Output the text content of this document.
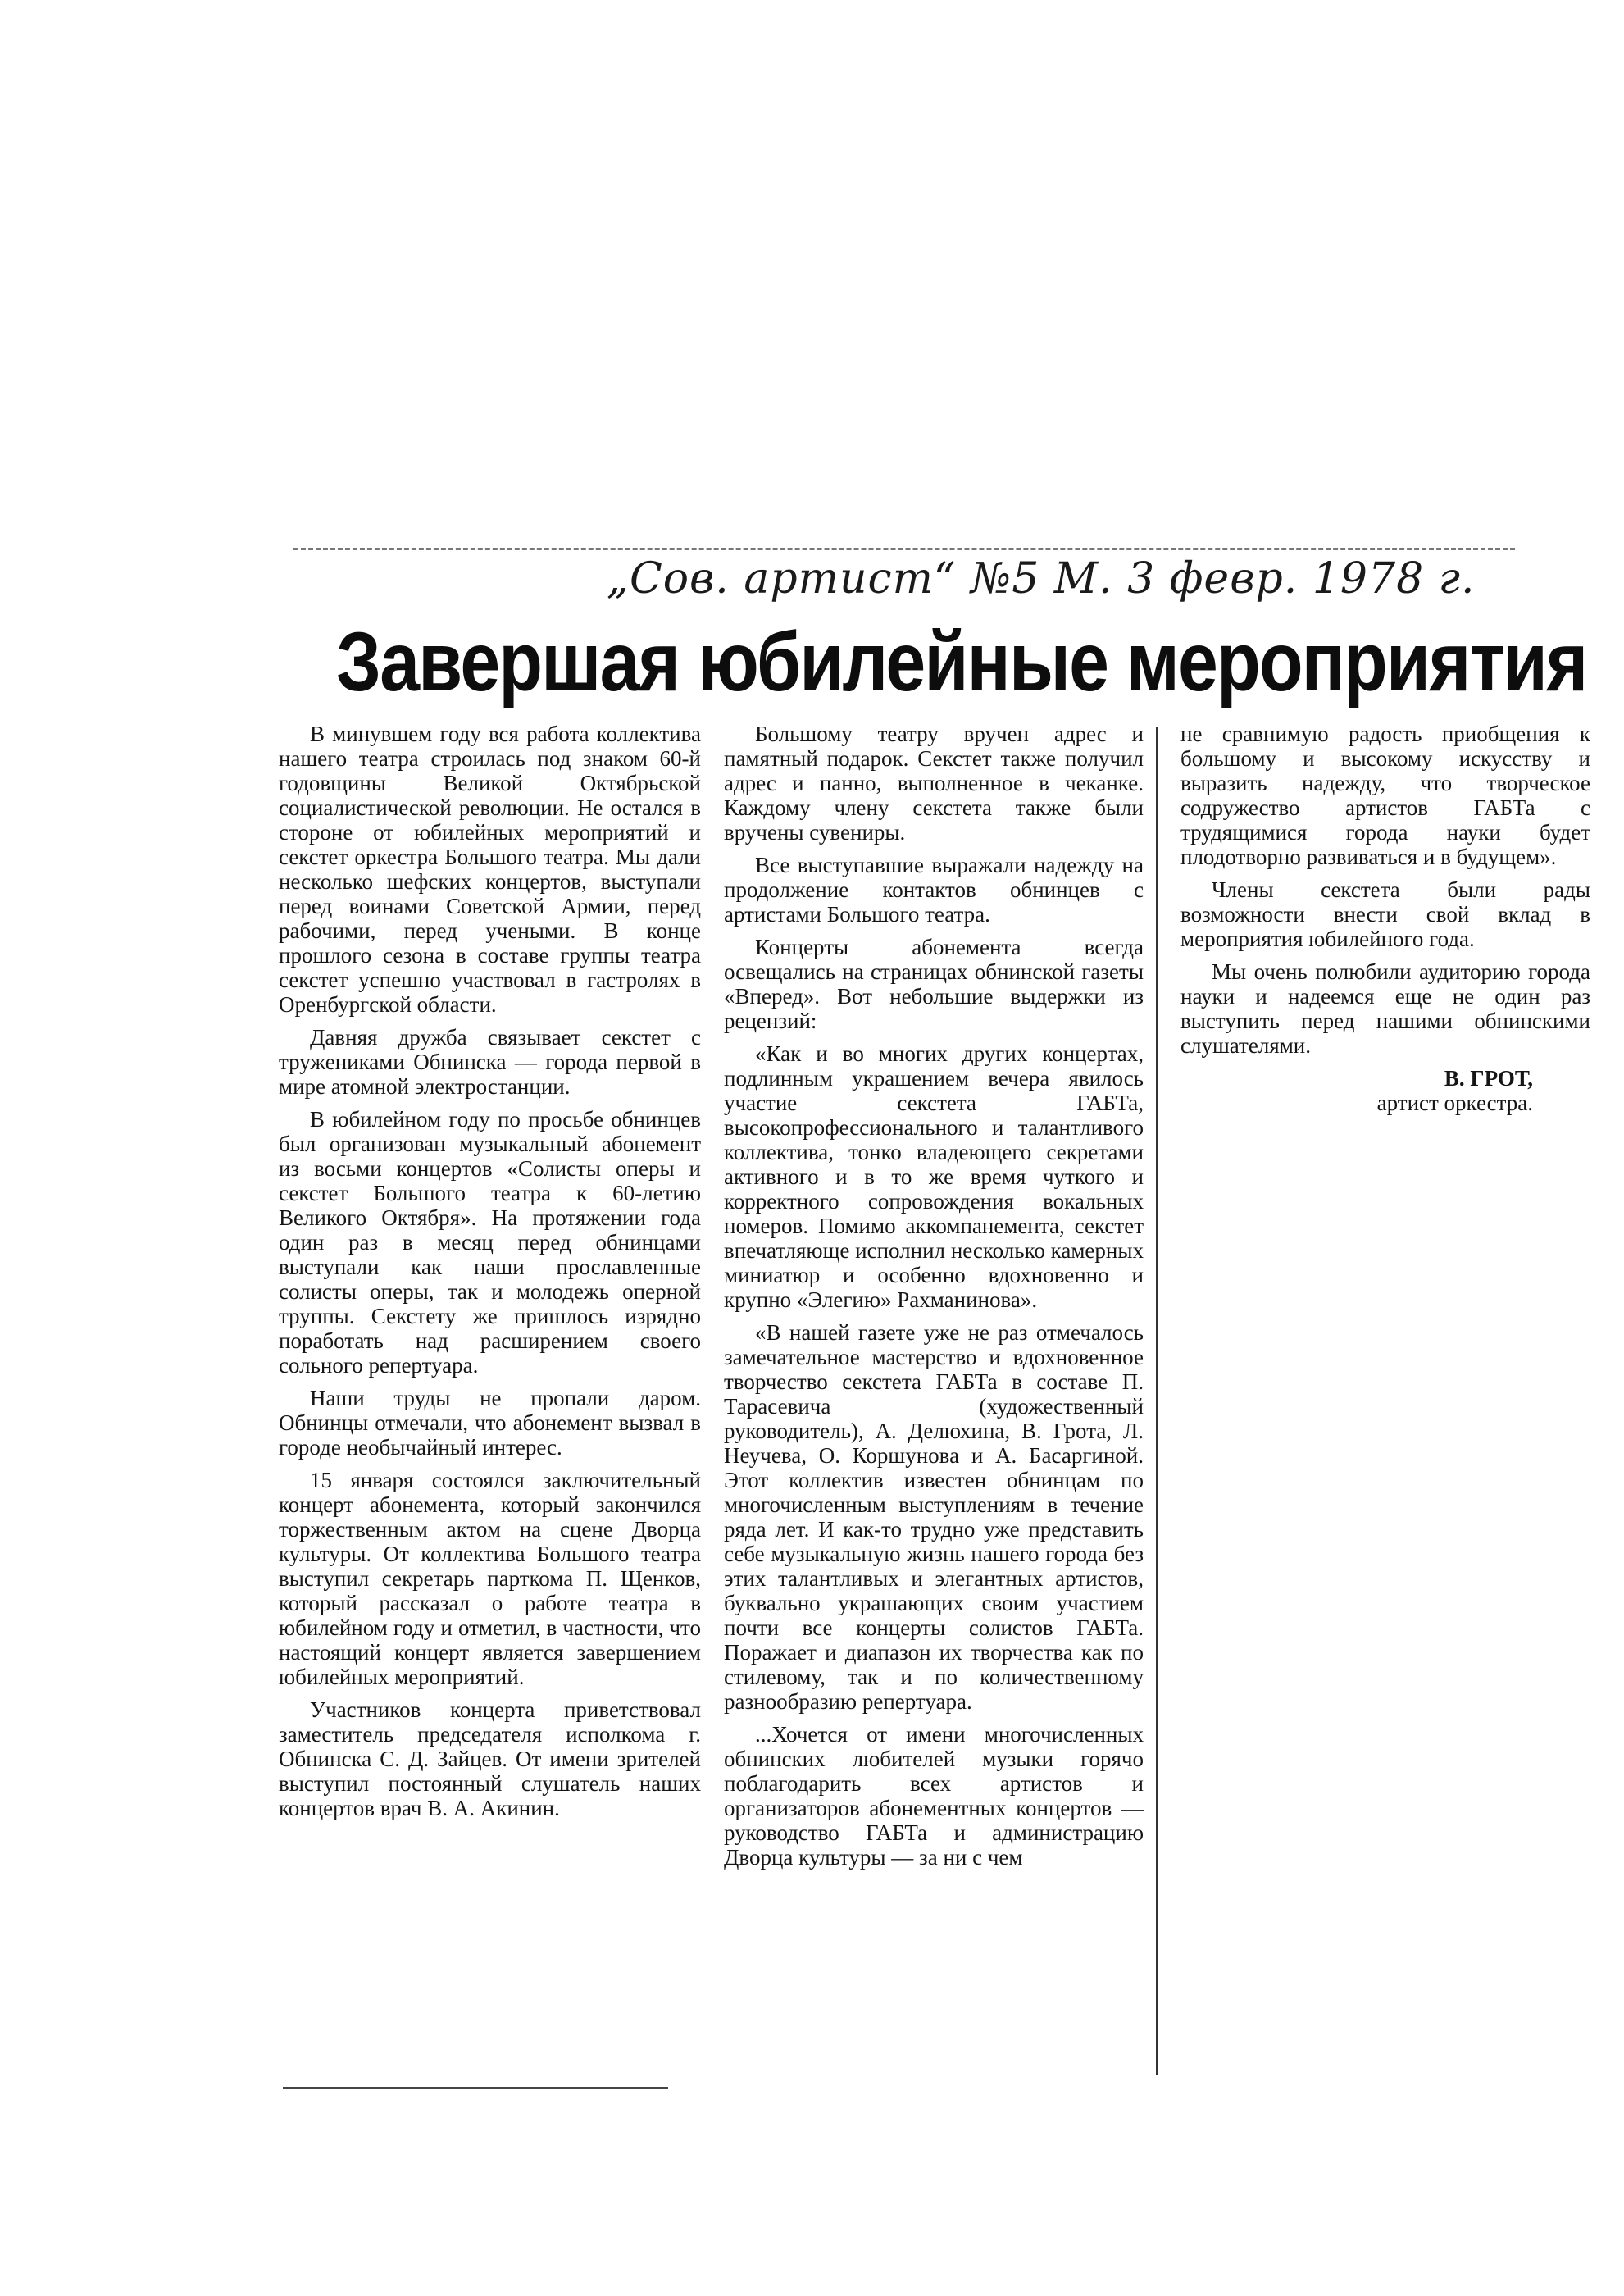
„Сов. артист“ №5 М. 3 февр. 1978 г.
Завершая юбилейные мероприятия

В минувшем году вся работа коллектива нашего театра строилась под знаком 60-й годовщины Великой Октябрьской социалистической революции. Не остался в стороне от юбилейных мероприятий и секстет оркестра Большого театра. Мы дали несколько шефских концертов, выступали перед воинами Советской Армии, перед рабочими, перед учеными. В конце прошлого сезона в составе группы театра секстет успешно участвовал в гастролях в Оренбургской области.

Давняя дружба связывает секстет с тружениками Обнинска — города первой в мире атомной электростанции.

В юбилейном году по просьбе обнинцев был организован музыкальный абонемент из восьми концертов «Солисты оперы и секстет Большого театра к 60-летию Великого Октября». На протяжении года один раз в месяц перед обнинцами выступали как наши прославленные солисты оперы, так и молодежь оперной труппы. Секстету же пришлось изрядно поработать над расширением своего сольного репертуара.

Наши труды не пропали даром. Обнинцы отмечали, что абонемент вызвал в городе необычайный интерес.

15 января состоялся заключительный концерт абонемента, который закончился торжественным актом на сцене Дворца культуры. От коллектива Большого театра выступил секретарь парткома П. Щенков, который рассказал о работе театра в юбилейном году и отметил, в частности, что настоящий концерт является завершением юбилейных мероприятий.

Участников концерта приветствовал заместитель председателя исполкома г. Обнинска С. Д. Зайцев. От имени зрителей выступил постоянный слушатель наших концертов врач В. А. Акинин.

Большому театру вручен адрес и памятный подарок. Секстет также получил адрес и панно, выполненное в чеканке. Каждому члену секстета также были вручены сувениры.

Все выступавшие выражали надежду на продолжение контактов обнинцев с артистами Большого театра.

Концерты абонемента всегда освещались на страницах обнинской газеты «Вперед». Вот небольшие выдержки из рецензий:

«Как и во многих других концертах, подлинным украшением вечера явилось участие секстета ГАБТа, высокопрофессионального и талантливого коллектива, тонко владеющего секретами активного и в то же время чуткого и корректного сопровождения вокальных номеров. Помимо аккомпанемента, секстет впечатляюще исполнил несколько камерных миниатюр и особенно вдохновенно и крупно «Элегию» Рахманинова».

«В нашей газете уже не раз отмечалось замечательное мастерство и вдохновенное творчество секстета ГАБТа в составе П. Тарасевича (художественный руководитель), А. Делюхина, В. Грота, Л. Неучева, О. Коршунова и А. Басаргиной. Этот коллектив известен обнинцам по многочисленным выступлениям в течение ряда лет. И как-то трудно уже представить себе музыкальную жизнь нашего города без этих талантливых и элегантных артистов, буквально украшающих своим участием почти все концерты солистов ГАБТа. Поражает и диапазон их творчества как по стилевому, так и по количественному разнообразию репертуара.

...Хочется от имени многочисленных обнинских любителей музыки горячо поблагодарить всех артистов и организаторов абонементных концертов — руководство ГАБТа и администрацию Дворца культуры — за ни с чем

не сравнимую радость приобщения к большому и высокому искусству и выразить надежду, что творческое содружество артистов ГАБТа с трудящимися города науки будет плодотворно развиваться и в будущем».

Члены секстета были рады возможности внести свой вклад в мероприятия юбилейного года.

Мы очень полюбили аудиторию города науки и надеемся еще не один раз выступить перед нашими обнинскими слушателями.

В. ГРОТ,
артист оркестра.
